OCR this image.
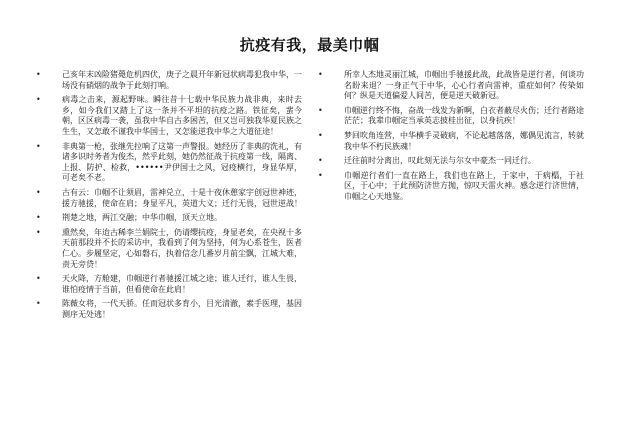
抗疫有我，最美巾帼
•	己亥年末凶险猪薨危机四伏，庚子之晨开年新冠状病毒犯我中华，一场没有硝烟的战争于此刻打响。
•	病毒之击来，源起野味。瞬往昔十七载中华民族力战非典，来时去乡，如今我们又踏上了这一条并不平坦的抗疫之路。铁征矣，蜚今朝，区区病毒一袭，虽我中华自古多困苦，但又岂可独我华夏民族之生生，又怎敢不谨我中华国士，又怎能逆我中华之大道征途！
•	非典第一枪，张继先拉响了这第一声警报。她经历了非典的洗礼，有诸多识时务者为俊杰，然乎此刻，她仍然征战于抗疫第一线，隔离、上报、防护、检救，••••••尹伊国士之风，冠疫横行，身显华厚，可老矣不老。
•	古有云：巾帼不让须眉，雷神兑立，十是十夜休憩家宇创冠世神迹，援方驰援，使命在肩；身显平凡，英道大义；迁行无畏，冠世逆战！
•	荆楚之地，两江交融；中华巾帼，顶天立地。
•	熏然矣，年迨古稀李兰娟院士，仍请缨抗疫，身显老矣，在央视十多天前那段并不长的采访中，我看到了何为坚持，何为心系苍生，医者仁心。步履坚定，心如磐石，执着信念几番岁月前尘飘，江城大难，责无旁贷！
•	天火降，方舱建，巾帼逆行者驰援江城之途；谁人迁行，谁人生畏，谁怕疫情于当前，但看使命在此肩！
•	陈薇女将，一代天骄。任而冠状多育小，目光清澈，素手医理，基因测序无处逃！
•	所幸人杰地灵丽江城，巾帼出手驰援此战，此战皆是逆行者，何谈功名盼来退？一身正气于中华，心心行者向雷神，重症如何？传染如何？纵是天道偏爱人间苦，便是逆天破新冠。
•	巾帼逆行终不悔，奋战一线发为新啊，白衣者蔽尽火伤；迁行者路途茫茫；我辈巾帼定当承英志披桂出征，以身抗疾！
•	梦回吹角连营，中华横手灵破病，不论起越落落，娜偶见流言，转就我中华不朽民族魂！
•	迁往前时分离出，叹此刻无法与尔女中豪杰一同迁行。
•	巾帼逆行者们一直在路上，我们也在路上，于家中，于病榻，于社区，于心中；于此预防济世方抛，惊叹天雷火神。感念逆行济世情，巾帼之心天地鉴。
